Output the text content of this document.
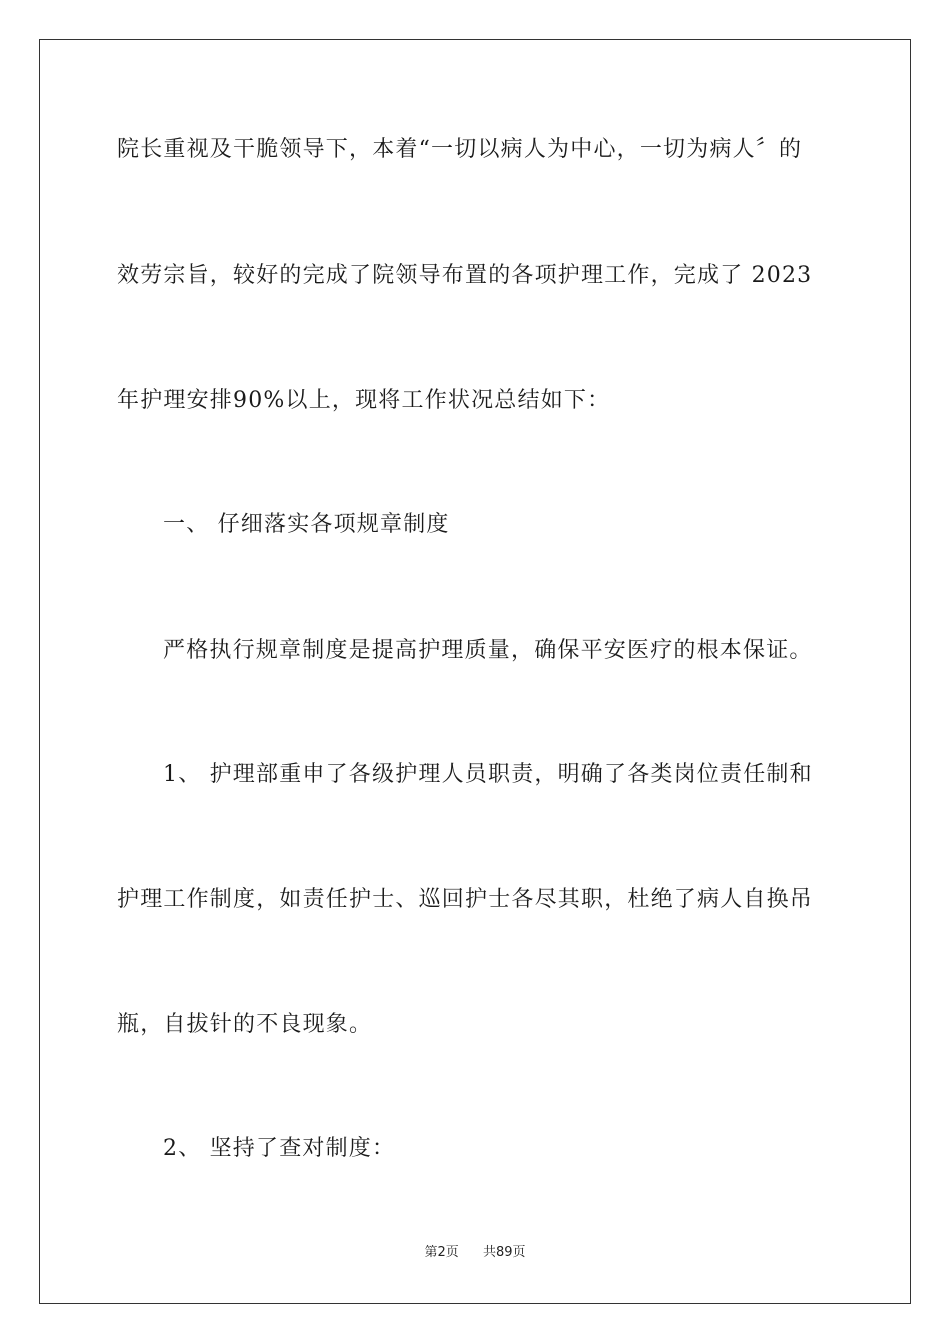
院长重视及干脆领导下，本着“一切以病人为中心，一切为病人〞的
效劳宗旨，较好的完成了院领导布置的各项护理工作，完成了 2023
年护理安排90%以上，现将工作状况总结如下：
一、 仔细落实各项规章制度
严格执行规章制度是提高护理质量，确保平安医疗的根本保证。
1、 护理部重申了各级护理人员职责，明确了各类岗位责任制和
护理工作制度，如责任护士、巡回护士各尽其职，杜绝了病人自换吊
瓶，自拔针的不良现象。
2、 坚持了查对制度：
第2页 共89页
